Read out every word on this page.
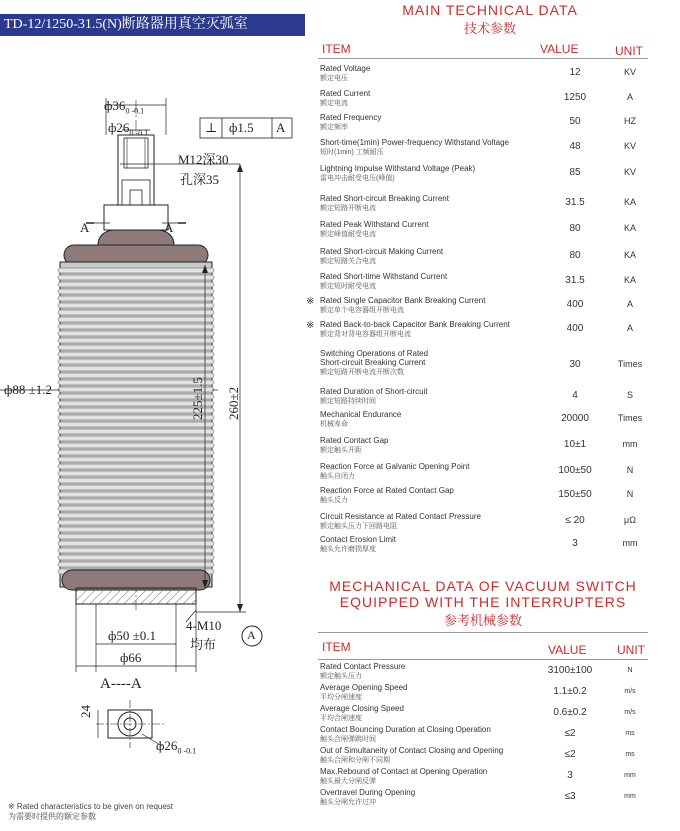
TD-12/1250-31.5(N)断路器用真空灭弧室
$ф36_{0 -0.1}$
$ф26_{0 -0.1}$	⊥ ф1.5 A
M12深30
孔深35
A	A
ф88 ±1.2	225±1.5 260±2
ф50 ±0.1
ф66
4-M10
均布
A
A----A
24
$ф26_{0 -0.1}$
※ Rated characteristics to be given on request
为需要时提供的额定参数
MAIN TECHNICAL DATA
技术参数
ITEM	VALUE	UNIT
Rated Voltage
额定电压
12	KV
Rated Current
额定电流
1250	A
Rated Frequency
额定频率
50	HZ
Short-time(1min) Power-frequency Withstand Voltage
短时(1min) 工频耐压
48	KV
Lightning Impulse Withstand Voltage (Peak)
雷电冲击耐受电压(峰值)
85	KV
Rated Short-circuit Breaking Current
额定短路开断电流
31.5	KA
Rated Peak Withstand Current
额定峰值耐受电流
80	KA
Rated Short-circuit Making Current
额定短路关合电流
80	KA
Rated Short-time Withstand Current
额定短时耐受电流
31.5	KA
※ Rated Single Capacitor Bank Breaking Current
额定单个电容器组开断电流
400	A
※ Rated Back-to-back Capacitor Bank Breaking Current
额定背对背电容器组开断电流
400	A
Switching Operations of Rated
Short-circuit Breaking Current
额定短路开断电流开断次数
30	Times
Rated Duration of Short-circuit
额定短路持续时间
4	S
Mechanical Endurance
机械寿命
20000	Times
Rated Contact Gap
额定触头开距
10±1	mm
Reaction Force at Galvanic Opening Point
触头自闭力
100±50	N
Reaction Force at Rated Contact Gap
触头反力
150±50	N
Circuit Resistance at Rated Contact Pressure
额定触头压力下回路电阻
≤ 20	μΩ
Contact Erosion Limit
触头允许磨损厚度
3	mm
MECHANICAL DATA OF VACUUM SWITCH
EQUIPPED WITH THE INTERRUPTERS
参考机械参数
ITEM	VALUE	UNIT
Rated Contact Pressure
额定触头压力
3100±100	N
Average Opening Speed
平均分闸速度
1.1±0.2	m/s
Average Closing Speed
平均合闸速度
0.6±0.2	m/s
Contact Bouncing Duration at Closing Operation
触头合闸弹跳时间
≤2	ms
Out of Simultaneity of Contact Closing and Opening
触头合闸和分闸不同期
≤2	ms
Max.Rebound of Contact at Opening Operation
触头最大分闸反弹
3	mm
Overtravel During Opening
触头分闸允许过冲
≤3	mm
